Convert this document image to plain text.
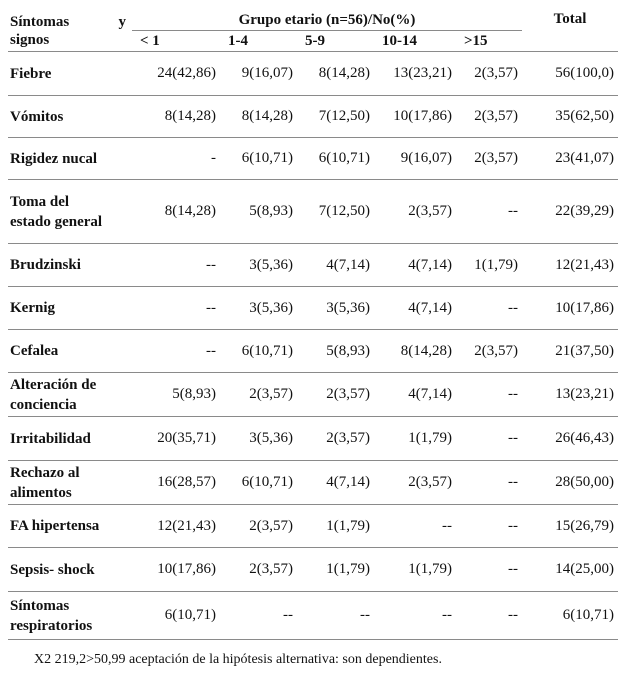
Síntomas y

signos	Grupo etario (n=56)/No(%)					Total
	< 1	1-4	5-9	10-14	>15	
Fiebre	24(42,86)	9(16,07)	8(14,28)	13(23,21)	2(3,57)	56(100,0)
Vómitos	8(14,28)	8(14,28)	7(12,50)	10(17,86)	2(3,57)	35(62,50)
Rigidez nucal	-	6(10,71)	6(10,71)	9(16,07)	2(3,57)	23(41,07)

Toma del estado general	8(14,28)	5(8,93)	7(12,50)	2(3,57)	--	22(39,29)
Brudzinski	--	3(5,36)	4(7,14)	4(7,14)	1(1,79)	12(21,43)
Kernig	--	3(5,36)	3(5,36)	4(7,14)	--	10(17,86)
Cefalea	--	6(10,71)	5(8,93)	8(14,28)	2(3,57)	21(37,50)

Alteración de conciencia	5(8,93)	2(3,57)	2(3,57)	4(7,14)	--	13(23,21)
Irritabilidad	20(35,71)	3(5,36)	2(3,57)	1(1,79)	--	26(46,43)

Rechazo al alimentos	16(28,57)	6(10,71)	4(7,14)	2(3,57)	--	28(50,00)
FA hipertensa	12(21,43)	2(3,57)	1(1,79)	--	--	15(26,79)
Sepsis- shock	10(17,86)	2(3,57)	1(1,79)	1(1,79)	--	14(25,00)

Síntomas respiratorios	6(10,71)	--	--	--	--	6(10,71)
X2 219,2>50,99 aceptación de la hipótesis alternativa: son dependientes.
